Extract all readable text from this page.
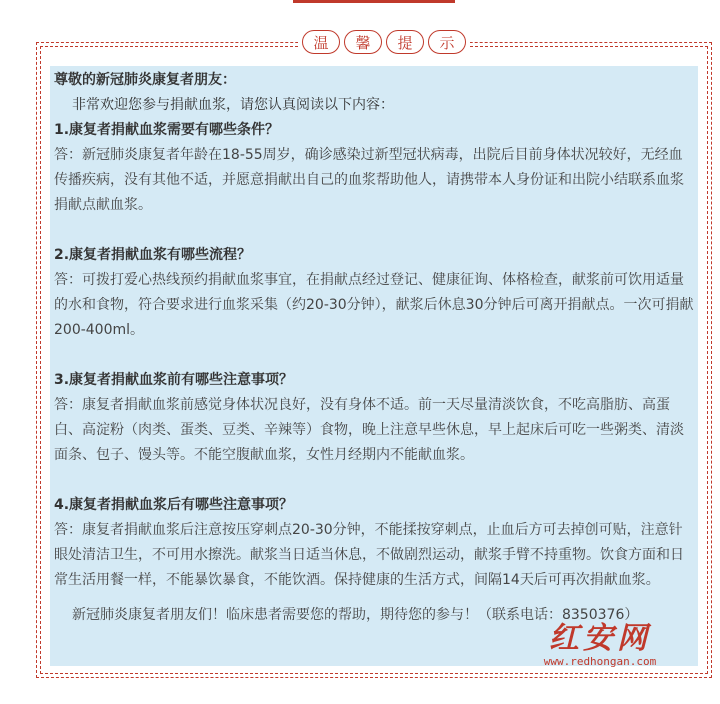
温	馨	提	示
尊敬的新冠肺炎康复者朋友：
非常欢迎您参与捐献血浆，请您认真阅读以下内容：
1.康复者捐献血浆需要有哪些条件？
答：新冠肺炎康复者年龄在18-55周岁，确诊感染过新型冠状病毒，出院后目前身体状况较好，无经血传播疾病，没有其他不适，并愿意捐献出自己的血浆帮助他人，请携带本人身份证和出院小结联系血浆捐献点献血浆。
2.康复者捐献血浆有哪些流程？
答：可拨打爱心热线预约捐献血浆事宜，在捐献点经过登记、健康征询、体格检查，献浆前可饮用适量的水和食物，符合要求进行血浆采集（约20-30分钟），献浆后休息30分钟后可离开捐献点。一次可捐献200-400ml。
3.康复者捐献血浆前有哪些注意事项？
答：康复者捐献血浆前感觉身体状况良好，没有身体不适。前一天尽量清淡饮食，不吃高脂肪、高蛋白、高淀粉（肉类、蛋类、豆类、辛辣等）食物，晚上注意早些休息，早上起床后可吃一些粥类、清淡面条、包子、馒头等。不能空腹献血浆，女性月经期内不能献血浆。
4.康复者捐献血浆后有哪些注意事项？
答：康复者捐献血浆后注意按压穿刺点20-30分钟，不能揉按穿刺点，止血后方可去掉创可贴，注意针眼处清洁卫生，不可用水擦洗。献浆当日适当休息，不做剧烈运动，献浆手臂不持重物。饮食方面和日常生活用餐一样，不能暴饮暴食，不能饮酒。保持健康的生活方式，间隔14天后可再次捐献血浆。
新冠肺炎康复者朋友们！临床患者需要您的帮助，期待您的参与！（联系电话：8350376）
红安网
www.redhongan.com
